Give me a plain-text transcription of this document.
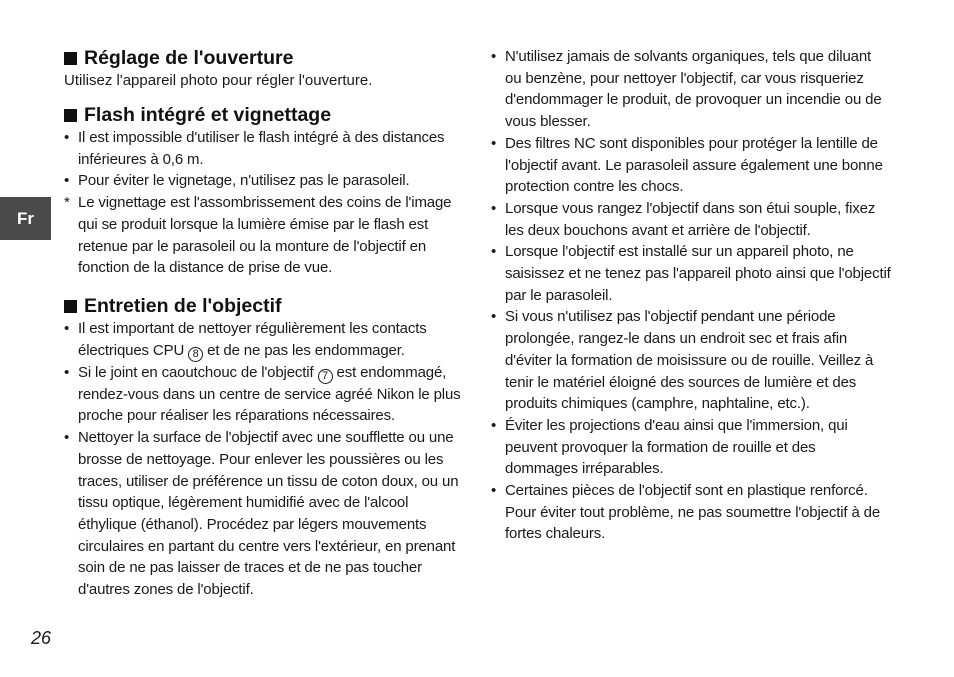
Fr
Réglage de l'ouverture

Utilisez l'appareil photo pour régler l'ouverture.

Flash intégré et vignettage
• Il est impossible d'utiliser le flash intégré à des distances inférieures à 0,6 m.
• Pour éviter le vignetage, n'utilisez pas le parasoleil.
* Le vignettage est l'assombrissement des coins de l'image qui se produit lorsque la lumière émise par le flash est retenue par le parasoleil ou la monture de l'objectif en fonction de la distance de prise de vue.
Entretien de l'objectif
• Il est important de nettoyer régulièrement les contacts électriques CPU 8 et de ne pas les endommager.
• Si le joint en caoutchouc de l'objectif 7 est endommagé, rendez-vous dans un centre de service agréé Nikon le plus proche pour réaliser les réparations nécessaires.
• Nettoyer la surface de l'objectif avec une soufflette ou une brosse de nettoyage. Pour enlever les poussières ou les traces, utiliser de préférence un tissu de coton doux, ou un tissu optique, légèrement humidifié avec de l'alcool éthylique (éthanol). Procédez par légers mouvements circulaires en partant du centre vers l'extérieur, en prenant soin de ne pas laisser de traces et de ne pas toucher d'autres zones de l'objectif.
• N'utilisez jamais de solvants organiques, tels que diluant ou benzène, pour nettoyer l'objectif, car vous risqueriez d'endommager le produit, de provoquer un incendie ou de vous blesser.
• Des filtres NC sont disponibles pour protéger la lentille de l'objectif avant. Le parasoleil assure également une bonne protection contre les chocs.
• Lorsque vous rangez l'objectif dans son étui souple, fixez les deux bouchons avant et arrière de l'objectif.
• Lorsque l'objectif est installé sur un appareil photo, ne saisissez et ne tenez pas l'appareil photo ainsi que l'objectif par le parasoleil.
• Si vous n'utilisez pas l'objectif pendant une période prolongée, rangez-le dans un endroit sec et frais afin d'éviter la formation de moisissure ou de rouille. Veillez à tenir le matériel éloigné des sources de lumière et des produits chimiques (camphre, naphtaline, etc.).
• Éviter les projections d'eau ainsi que l'immersion, qui peuvent provoquer la formation de rouille et des dommages irréparables.
• Certaines pièces de l'objectif sont en plastique renforcé. Pour éviter tout problème, ne pas soumettre l'objectif à de fortes chaleurs.
26
